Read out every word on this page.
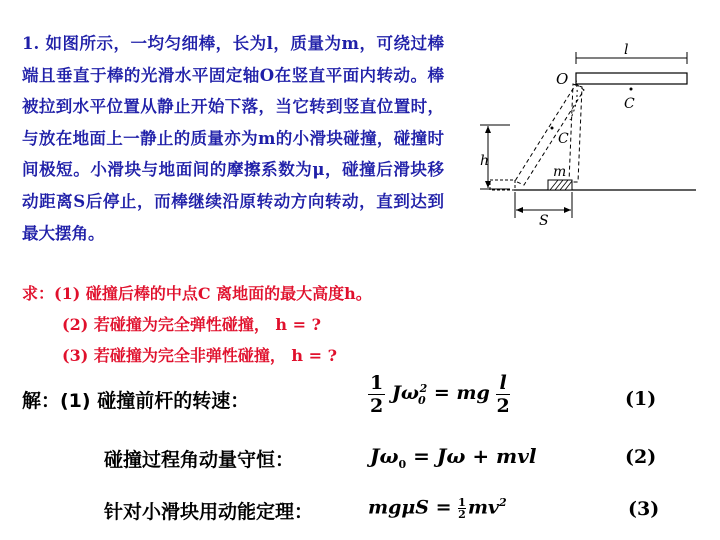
1. 如图所示，一均匀细棒，长为l，质量为m，可绕过棒端且垂直于棒的光滑水平固定轴O在竖直平面内转动。棒被拉到水平位置从静止开始下落，当它转到竖直位置时，与放在地面上一静止的质量亦为m的小滑块碰撞，碰撞时间极短。小滑块与地面间的摩擦系数为μ，碰撞后滑块移动距离S后停止，而棒继续沿原转动方向转动，直到达到最大摆角。

求：(1) 碰撞后棒的中点C 离地面的最大高度h。
(2) 若碰撞为完全弹性碰撞， h = ?
(3) 若碰撞为完全非弹性碰撞， h = ?
l
O
C
C
h
m
S
解：(1) 碰撞前杆的转速：
碰撞过程角动量守恒：
针对小滑块用动能定理：
$\frac{1}{2} J\omega_0^2$ = mg $\frac{l}{2}$	(1)
$J\omega_0 = J\omega$ + mvl	(2)
$mg\mu S = \frac{1}{2} mv^2$	(3)
